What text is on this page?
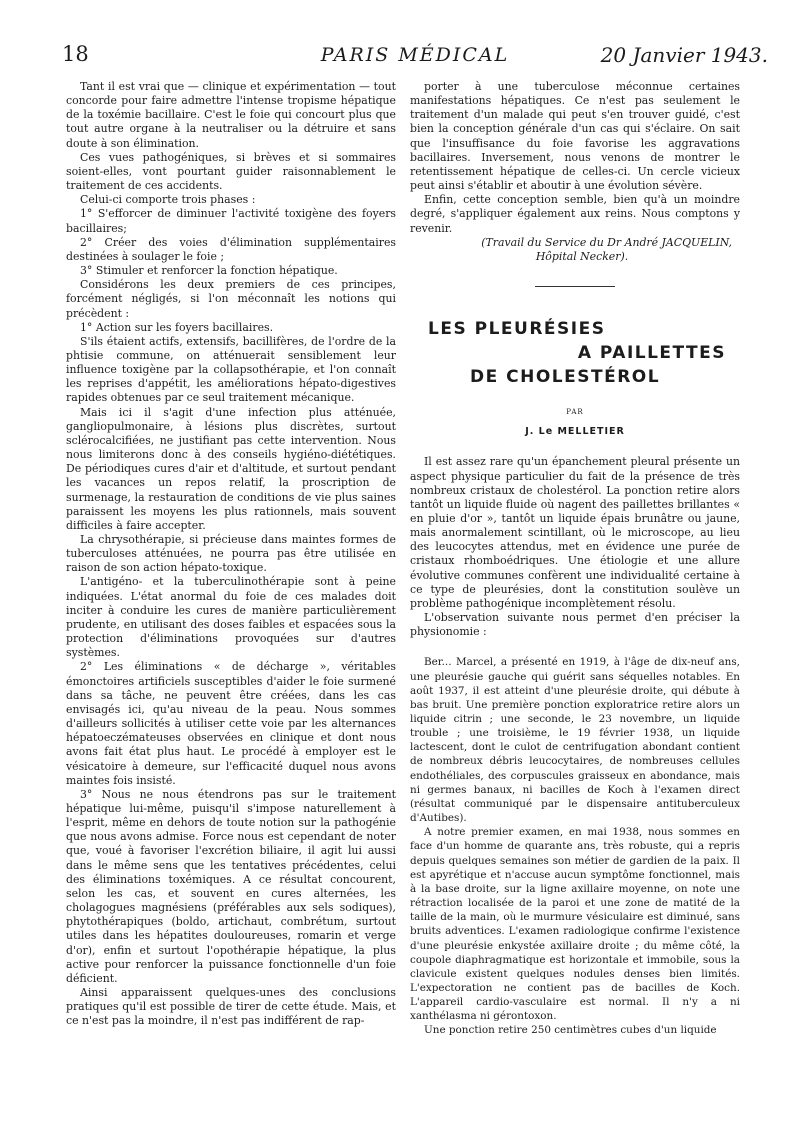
18	PARIS MÉDICAL	20 Janvier 1943.

Tant il est vrai que — clinique et expérimentation — tout concorde pour faire admettre l'intense tropisme hépatique de la toxémie bacillaire. C'est le foie qui concourt plus que tout autre organe à la neutraliser ou la détruire et sans doute à son élimination.

Ces vues pathogéniques, si brèves et si sommaires soient-elles, vont pourtant guider raisonnablement le traitement de ces accidents.

Celui-ci comporte trois phases :

1° S'efforcer de diminuer l'activité toxigène des foyers bacillaires;

2° Créer des voies d'élimination supplémentaires destinées à soulager le foie ;

3° Stimuler et renforcer la fonction hépatique.

Considérons les deux premiers de ces principes, forcément négligés, si l'on méconnaît les notions qui précèdent :

1° Action sur les foyers bacillaires.

S'ils étaient actifs, extensifs, bacillifères, de l'ordre de la phtisie commune, on atténuerait sensiblement leur influence toxigène par la collapsothérapie, et l'on connaît les reprises d'appétit, les améliorations hépato-digestives rapides obtenues par ce seul traitement mécanique.

Mais ici il s'agit d'une infection plus atténuée, gangliopulmonaire, à lésions plus discrètes, surtout sclérocalcifiées, ne justifiant pas cette intervention. Nous nous limiterons donc à des conseils hygiéno-diététiques. De périodiques cures d'air et d'altitude, et surtout pendant les vacances un repos relatif, la proscription de surmenage, la restauration de conditions de vie plus saines paraissent les moyens les plus rationnels, mais souvent difficiles à faire accepter.

La chrysothérapie, si précieuse dans maintes formes de tuberculoses atténuées, ne pourra pas être utilisée en raison de son action hépato-toxique.

L'antigéno- et la tuberculinothérapie sont à peine indiquées. L'état anormal du foie de ces malades doit inciter à conduire les cures de manière particulièrement prudente, en utilisant des doses faibles et espacées sous la protection d'éliminations provoquées sur d'autres systèmes.

2° Les éliminations « de décharge », véritables émonctoires artificiels susceptibles d'aider le foie surmené dans sa tâche, ne peuvent être créées, dans les cas envisagés ici, qu'au niveau de la peau. Nous sommes d'ailleurs sollicités à utiliser cette voie par les alternances hépatoeczémateuses observées en clinique et dont nous avons fait état plus haut. Le procédé à employer est le vésicatoire à demeure, sur l'efficacité duquel nous avons maintes fois insisté.

3° Nous ne nous étendrons pas sur le traitement hépatique lui-même, puisqu'il s'impose naturellement à l'esprit, même en dehors de toute notion sur la pathogénie que nous avons admise. Force nous est cependant de noter que, voué à favoriser l'excrétion biliaire, il agit lui aussi dans le même sens que les tentatives précédentes, celui des éliminations toxémiques. A ce résultat concourent, selon les cas, et souvent en cures alternées, les cholagogues magnésiens (préférables aux sels sodiques), phytothérapiques (boldo, artichaut, combrétum, surtout utiles dans les hépatites douloureuses, romarin et verge d'or), enfin et surtout l'opothérapie hépatique, la plus active pour renforcer la puissance fonctionnelle d'un foie déficient.

Ainsi apparaissent quelques-unes des conclusions pratiques qu'il est possible de tirer de cette étude. Mais, et ce n'est pas la moindre, il n'est pas indifférent de rap-

porter à une tuberculose méconnue certaines manifestations hépatiques. Ce n'est pas seulement le traitement d'un malade qui peut s'en trouver guidé, c'est bien la conception générale d'un cas qui s'éclaire. On sait que l'insuffisance du foie favorise les aggravations bacillaires. Inversement, nous venons de montrer le retentissement hépatique de celles-ci. Un cercle vicieux peut ainsi s'établir et aboutir à une évolution sévère.

Enfin, cette conception semble, bien qu'à un moindre degré, s'appliquer également aux reins. Nous comptons y revenir.

(Travail du Service du Dr André JACQUELIN,

Hôpital Necker).

LES PLEURÉSIES
A PAILLETTES
DE CHOLESTÉROL
PAR
J. Le MELLETIER

Il est assez rare qu'un épanchement pleural présente un aspect physique particulier du fait de la présence de très nombreux cristaux de cholestérol. La ponction retire alors tantôt un liquide fluide où nagent des paillettes brillantes « en pluie d'or », tantôt un liquide épais brunâtre ou jaune, mais anormalement scintillant, où le microscope, au lieu des leucocytes attendus, met en évidence une purée de cristaux rhomboédriques. Une étiologie et une allure évolutive communes confèrent une individualité certaine à ce type de pleurésies, dont la constitution soulève un problème pathogénique incomplètement résolu.

L'observation suivante nous permet d'en préciser la physionomie :

Ber... Marcel, a présenté en 1919, à l'âge de dix-neuf ans, une pleurésie gauche qui guérit sans séquelles notables. En août 1937, il est atteint d'une pleurésie droite, qui débute à bas bruit. Une première ponction exploratrice retire alors un liquide citrin ; une seconde, le 23 novembre, un liquide trouble ; une troisième, le 19 février 1938, un liquide lactescent, dont le culot de centrifugation abondant contient de nombreux débris leucocytaires, de nombreuses cellules endothéliales, des corpuscules graisseux en abondance, mais ni germes banaux, ni bacilles de Koch à l'examen direct (résultat communiqué par le dispensaire antituberculeux d'Autibes).

A notre premier examen, en mai 1938, nous sommes en face d'un homme de quarante ans, très robuste, qui a repris depuis quelques semaines son métier de gardien de la paix. Il est apyrétique et n'accuse aucun symptôme fonctionnel, mais à la base droite, sur la ligne axillaire moyenne, on note une rétraction localisée de la paroi et une zone de matité de la taille de la main, où le murmure vésiculaire est diminué, sans bruits adventices. L'examen radiologique confirme l'existence d'une pleurésie enkystée axillaire droite ; du même côté, la coupole diaphragmatique est horizontale et immobile, sous la clavicule existent quelques nodules denses bien limités. L'expectoration ne contient pas de bacilles de Koch. L'appareil cardio-vasculaire est normal. Il n'y a ni xanthélasma ni gérontoxon.

Une ponction retire 250 centimètres cubes d'un liquide
